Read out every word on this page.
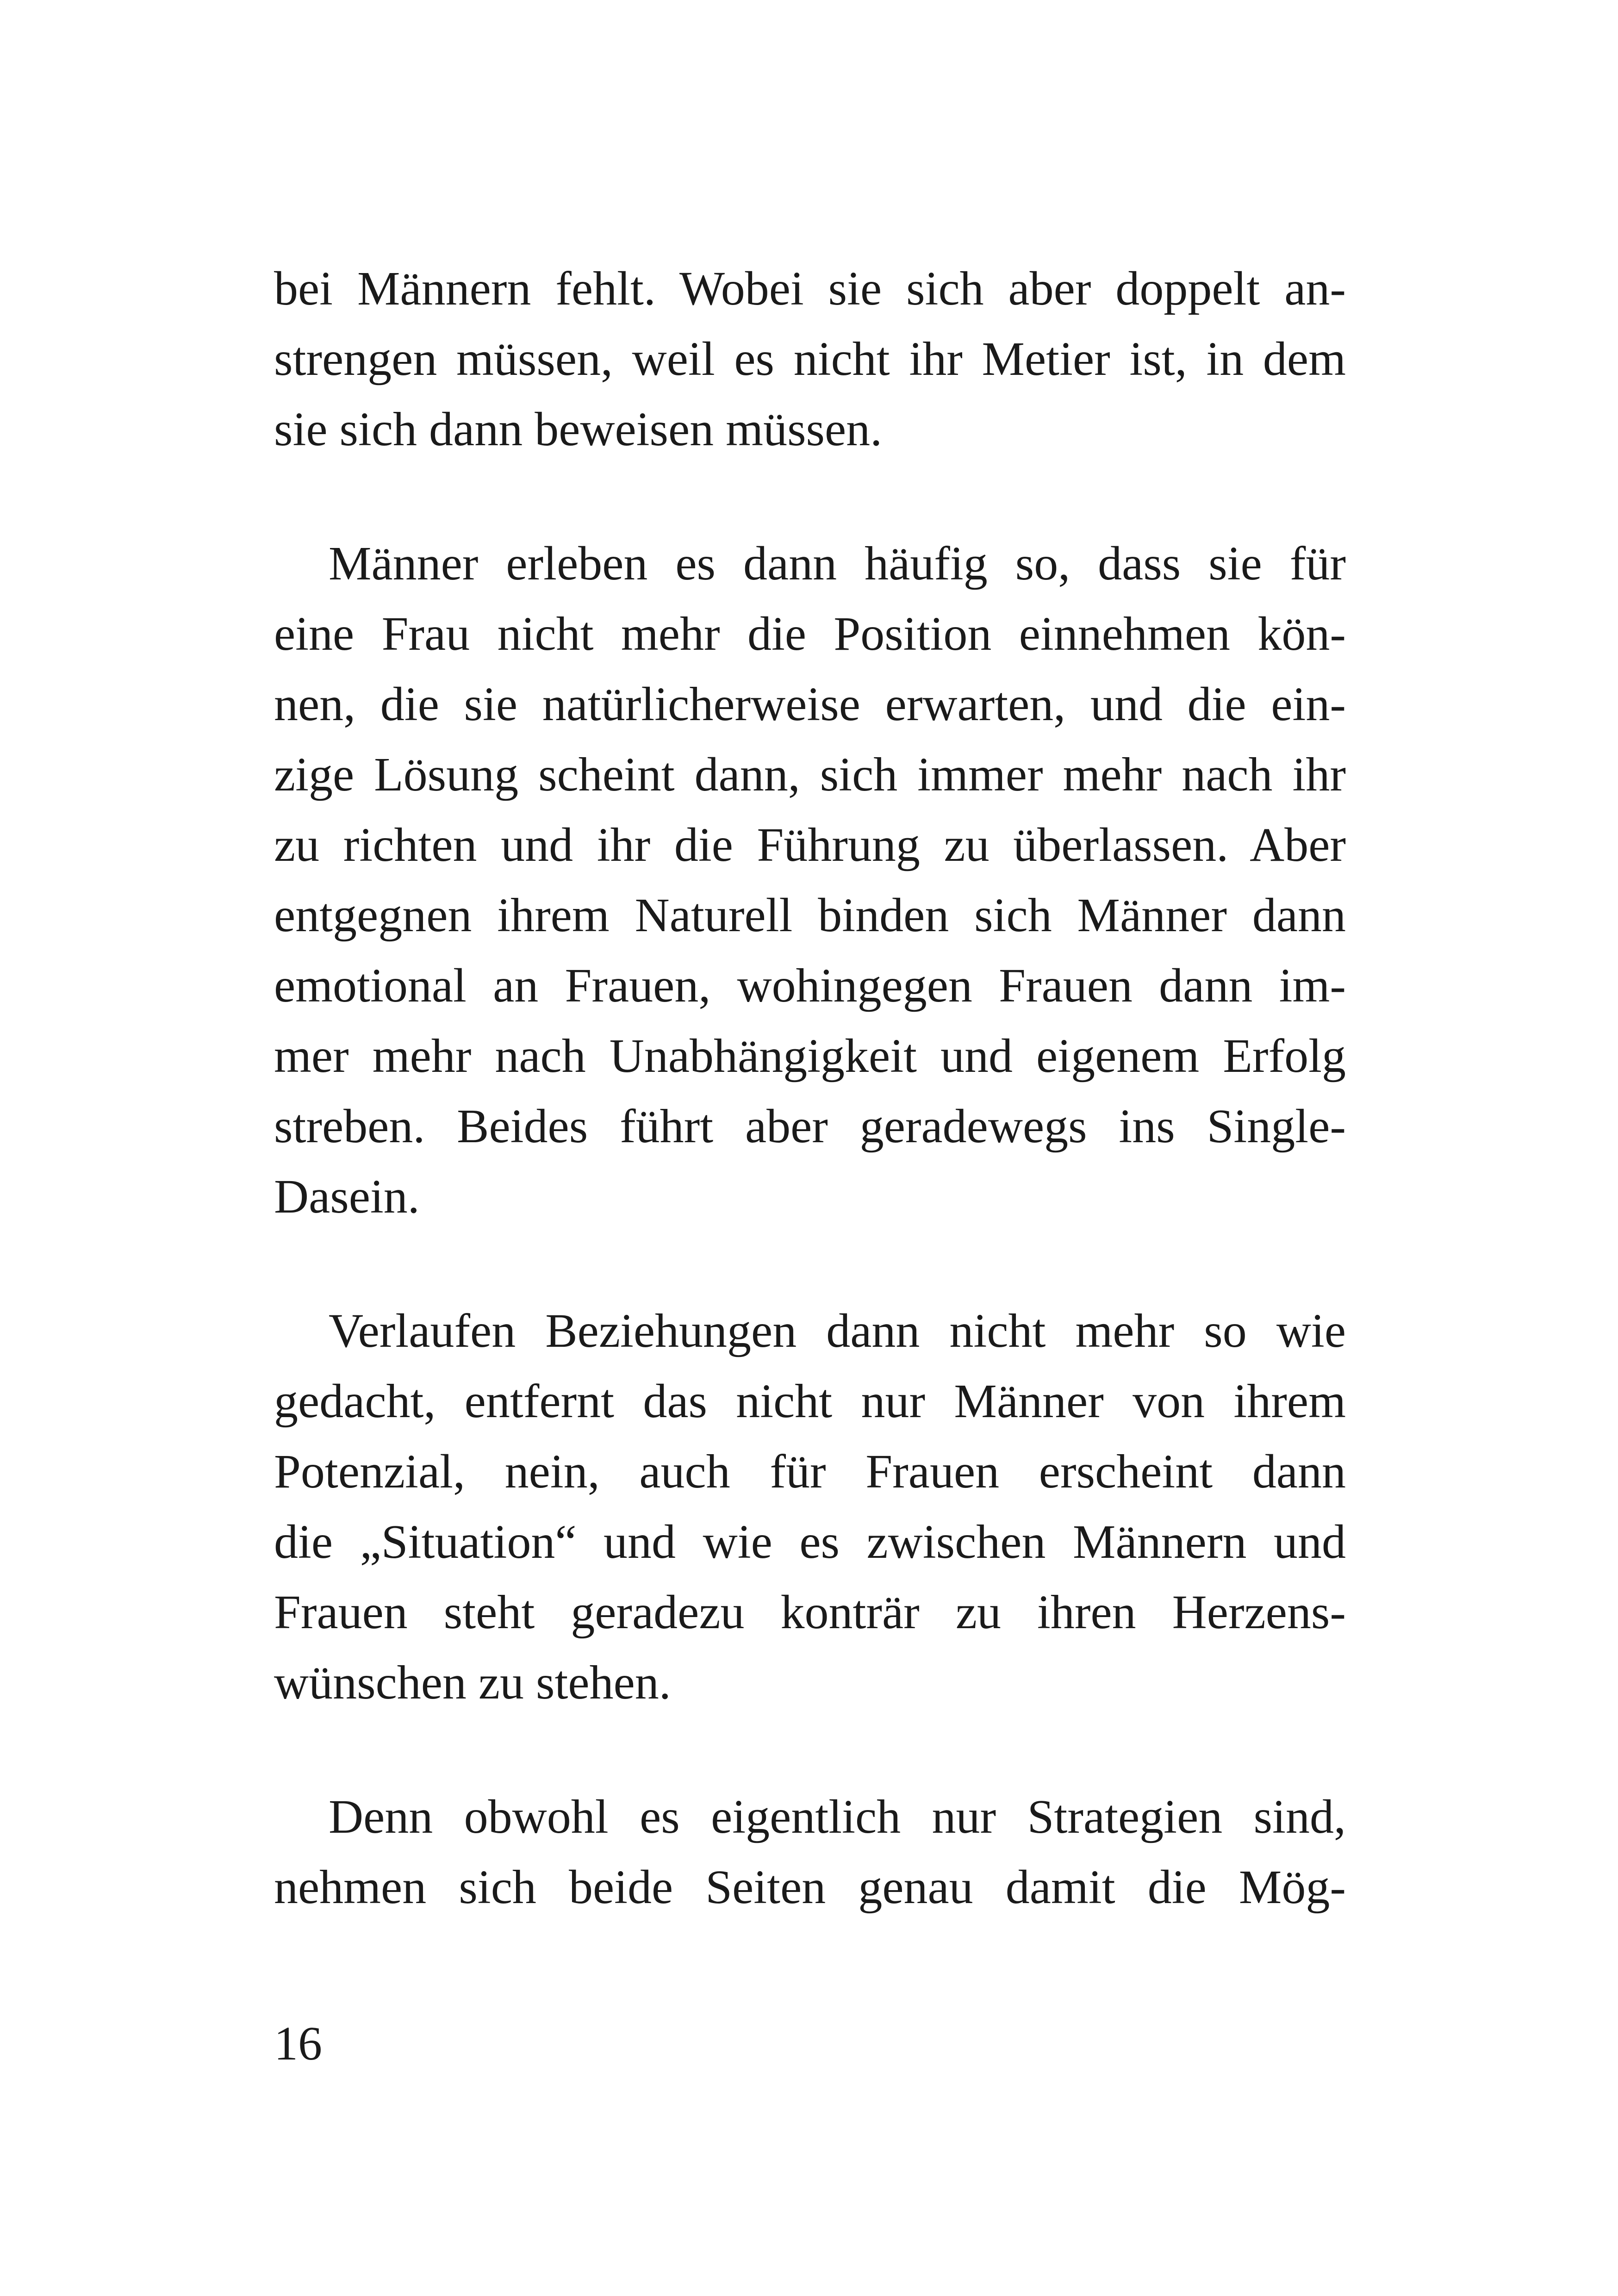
bei Männern fehlt. Wobei sie sich aber doppelt an-
strengen müssen, weil es nicht ihr Metier ist, in dem
sie sich dann beweisen müssen.
Männer erleben es dann häufig so, dass sie für
eine Frau nicht mehr die Position einnehmen kön-
nen, die sie natürlicherweise erwarten, und die ein-
zige Lösung scheint dann, sich immer mehr nach ihr
zu richten und ihr die Führung zu überlassen. Aber
entgegnen ihrem Naturell binden sich Männer dann
emotional an Frauen, wohingegen Frauen dann im-
mer mehr nach Unabhängigkeit und eigenem Erfolg
streben. Beides führt aber geradewegs ins Single-
Dasein.
Verlaufen Beziehungen dann nicht mehr so wie
gedacht, entfernt das nicht nur Männer von ihrem
Potenzial, nein, auch für Frauen erscheint dann
die „Situation“ und wie es zwischen Männern und
Frauen steht geradezu konträr zu ihren Herzens-
wünschen zu stehen.
Denn obwohl es eigentlich nur Strategien sind,
nehmen sich beide Seiten genau damit die Mög-
16
